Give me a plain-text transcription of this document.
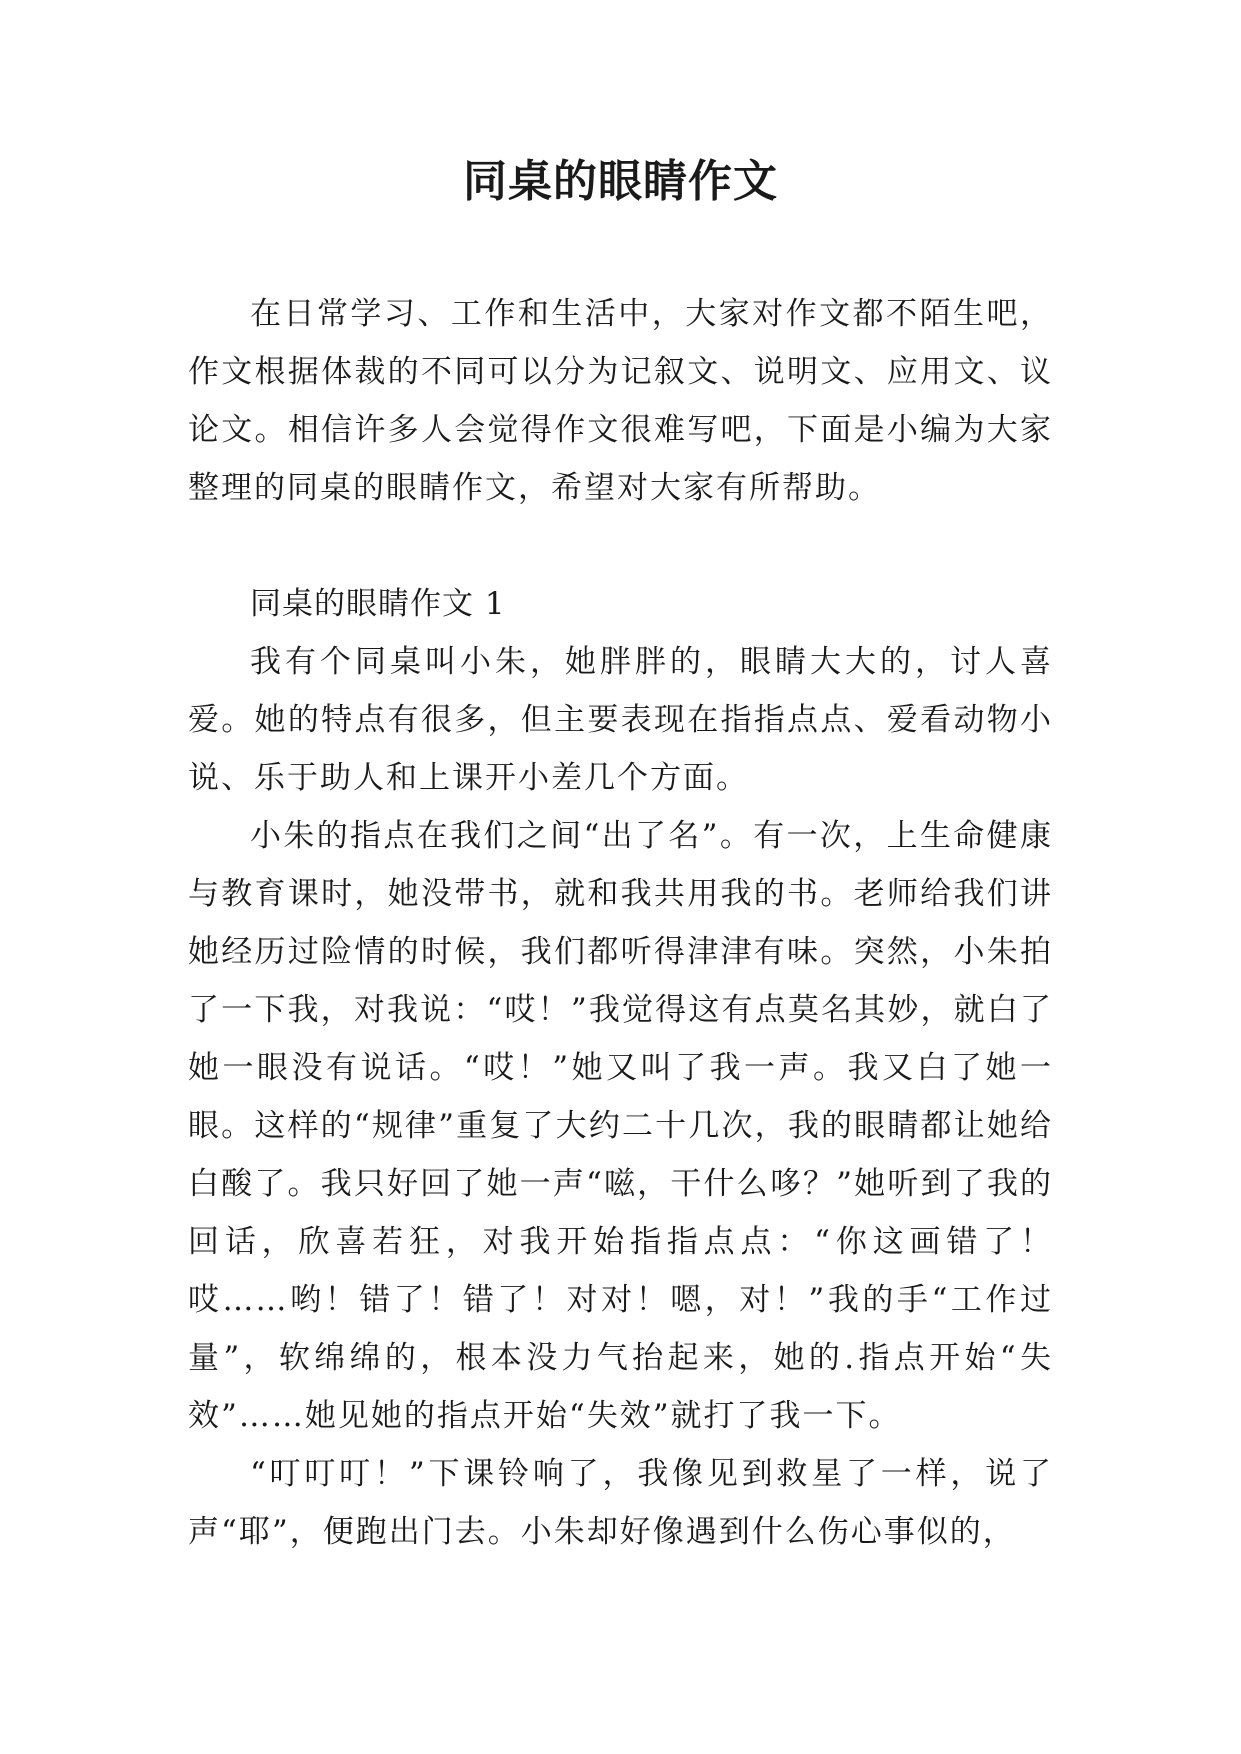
同桌的眼睛作文

在日常学习、工作和生活中，大家对作文都不陌生吧，作文根据体裁的不同可以分为记叙文、说明文、应用文、议论文。相信许多人会觉得作文很难写吧，下面是小编为大家整理的同桌的眼睛作文，希望对大家有所帮助。

同桌的眼睛作文 1

我有个同桌叫小朱，她胖胖的，眼睛大大的，讨人喜爱。她的特点有很多，但主要表现在指指点点、爱看动物小说、乐于助人和上课开小差几个方面。

小朱的指点在我们之间“出了名”。有一次，上生命健康与教育课时，她没带书，就和我共用我的书。老师给我们讲她经历过险情的时候，我们都听得津津有味。突然，小朱拍了一下我，对我说：“哎！”我觉得这有点莫名其妙，就白了她一眼没有说话。“哎！”她又叫了我一声。我又白了她一眼。这样的“规律”重复了大约二十几次，我的眼睛都让她给白酸了。我只好回了她一声“嗞，干什么哆？”她听到了我的回话，欣喜若狂，对我开始指指点点：“你这画错了！哎……哟！错了！错了！对对！嗯，对！”我的手“工作过量”，软绵绵的，根本没力气抬起来，她的.指点开始“失效”……她见她的指点开始“失效”就打了我一下。

“叮叮叮！”下课铃响了，我像见到救星了一样，说了声“耶”，便跑出门去。小朱却好像遇到什么伤心事似的，
